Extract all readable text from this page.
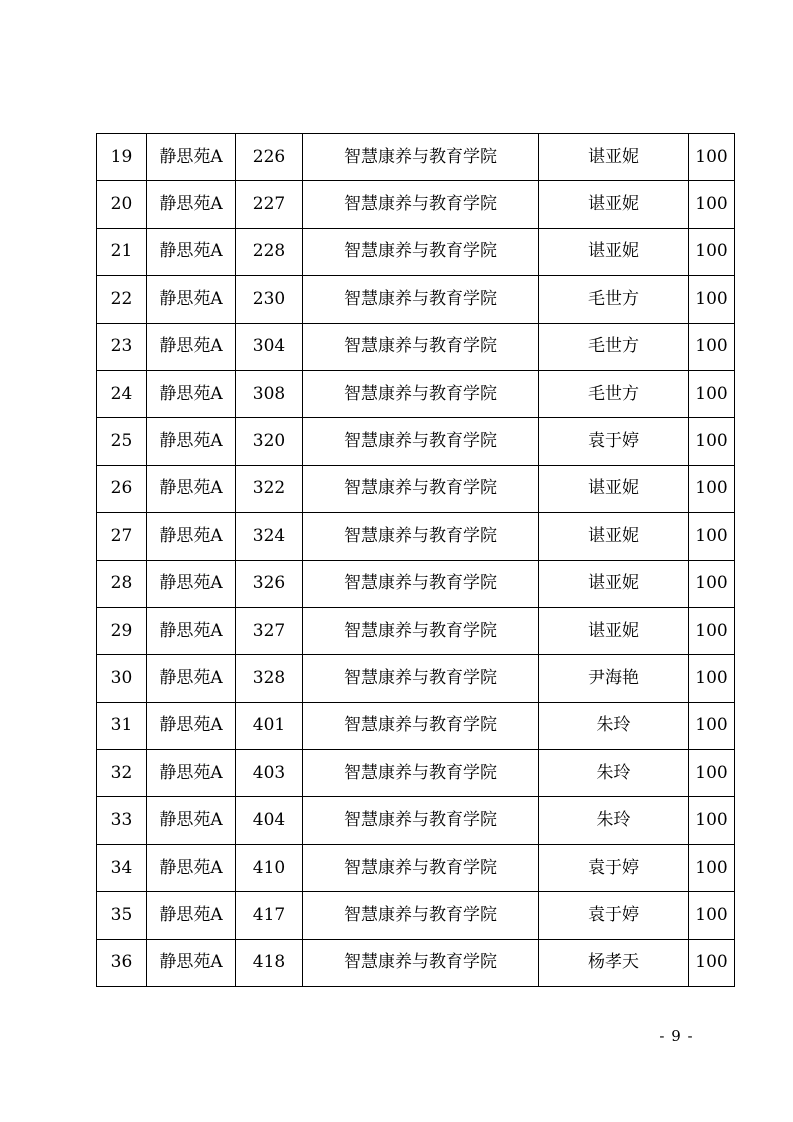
19	静思苑A	226	智慧康养与教育学院	谌亚妮	100
20	静思苑A	227	智慧康养与教育学院	谌亚妮	100
21	静思苑A	228	智慧康养与教育学院	谌亚妮	100
22	静思苑A	230	智慧康养与教育学院	毛世方	100
23	静思苑A	304	智慧康养与教育学院	毛世方	100
24	静思苑A	308	智慧康养与教育学院	毛世方	100
25	静思苑A	320	智慧康养与教育学院	袁于婷	100
26	静思苑A	322	智慧康养与教育学院	谌亚妮	100
27	静思苑A	324	智慧康养与教育学院	谌亚妮	100
28	静思苑A	326	智慧康养与教育学院	谌亚妮	100
29	静思苑A	327	智慧康养与教育学院	谌亚妮	100
30	静思苑A	328	智慧康养与教育学院	尹海艳	100
31	静思苑A	401	智慧康养与教育学院	朱玲	100
32	静思苑A	403	智慧康养与教育学院	朱玲	100
33	静思苑A	404	智慧康养与教育学院	朱玲	100
34	静思苑A	410	智慧康养与教育学院	袁于婷	100
35	静思苑A	417	智慧康养与教育学院	袁于婷	100
36	静思苑A	418	智慧康养与教育学院	杨孝天	100
- 9 -
